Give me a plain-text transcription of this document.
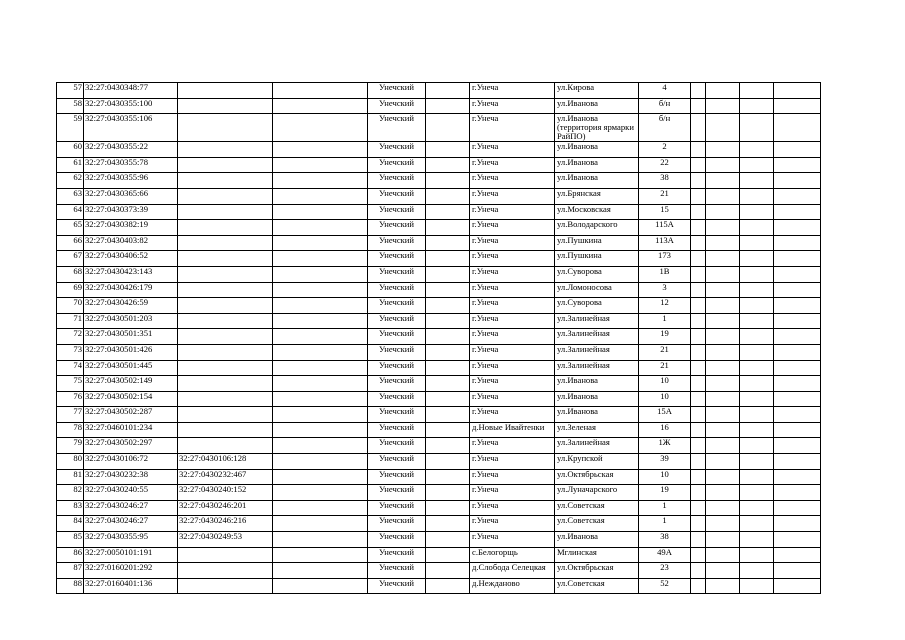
57	32:27:0430348:77			Унечский		г.Унеча	ул.Кирова	4				
58	32:27:0430355:100			Унечский		г.Унеча	ул.Иванова	б/н				
59	32:27:0430355:106			Унечский		г.Унеча	ул.Иванова (территория ярмарки РайПО)	б/н				
60	32:27:0430355:22			Унечский		г.Унеча	ул.Иванова	2				
61	32:27:0430355:78			Унечский		г.Унеча	ул.Иванова	22				
62	32:27:0430355:96			Унечский		г.Унеча	ул.Иванова	38				
63	32:27:0430365:66			Унечский		г.Унеча	ул.Брянская	21				
64	32:27:0430373:39			Унечский		г.Унеча	ул.Московская	15				
65	32:27:0430382:19			Унечский		г.Унеча	ул.Володарского	115А				
66	32:27:0430403:82			Унечский		г.Унеча	ул.Пушкина	113А				
67	32:27:0430406:52			Унечский		г.Унеча	ул.Пушкина	173				
68	32:27:0430423:143			Унечский		г.Унеча	ул.Суворова	1В				
69	32:27:0430426:179			Унечский		г.Унеча	ул.Ломоносова	3				
70	32:27:0430426:59			Унечский		г.Унеча	ул.Суворова	12				
71	32:27:0430501:203			Унечский		г.Унеча	ул.Залинейная	1				
72	32:27:0430501:351			Унечский		г.Унеча	ул.Залинейная	19				
73	32:27:0430501:426			Унечский		г.Унеча	ул.Залинейная	21				
74	32:27:0430501:445			Унечский		г.Унеча	ул.Залинейная	21				
75	32:27:0430502:149			Унечский		г.Унеча	ул.Иванова	10				
76	32:27:0430502:154			Унечский		г.Унеча	ул.Иванова	10				
77	32:27:0430502:287			Унечский		г.Унеча	ул.Иванова	15А				
78	32:27:0460101:234			Унечский		д.Новые Ивайтенки	ул.Зеленая	16				
79	32:27:0430502:297			Унечский		г.Унеча	ул.Залинейная	1Ж				
80	32:27:0430106:72	32:27:0430106:128		Унечский		г.Унеча	ул.Крупской	39				
81	32:27:0430232:38	32:27:0430232:467		Унечский		г.Унеча	ул.Октябрьская	10				
82	32:27:0430240:55	32:27:0430240:152		Унечский		г.Унеча	ул.Луначарского	19				
83	32:27:0430246:27	32:27:0430246:201		Унечский		г.Унеча	ул.Советская	1				
84	32:27:0430246:27	32:27:0430246:216		Унечский		г.Унеча	ул.Советская	1				
85	32:27:0430355:95	32:27:0430249:53		Унечский		г.Унеча	ул.Иванова	38				
86	32:27:0050101:191			Унечский		с.Белогорщь	Мглинская	49А				
87	32:27:0160201:292			Унечский		д.Слобода Селецкая	ул.Октябрьская	23				
88	32:27:0160401:136			Унечский		д.Нежданово	ул.Советская	52				
